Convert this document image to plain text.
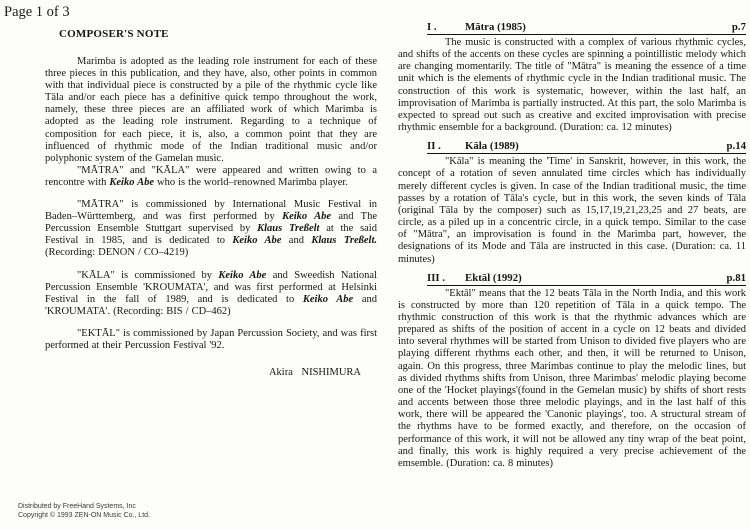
Page 1 of 3
COMPOSER'S NOTE

Marimba is adopted as the leading role instrument for each of these three pieces in this publication, and they have, also, other points in common with that individual piece is constructed by a pile of the rhythmic cycle like Tāla and/or each piece has a definitive quick tempo throughout the work, namely, these three pieces are an affiliated work of which Marimba is adopted as the leading role instrument. Regarding to a technique of composition for each piece, it is, also, a common point that they are influenced of rhythmic mode of the Indian traditional music and/or polyphonic system of the Gamelan music.

"MĀTRA" and "KĀLA" were appeared and written owing to a rencontre with Keiko Abe who is the world–renowned Marimba player.

"MĀTRA" is commissioned by International Music Festival in Baden–Württemberg, and was first performed by Keiko Abe and The Percussion Ensemble Stuttgart supervised by Klaus Treßelt at the said Festival in 1985, and is dedicated to Keiko Abe and Klaus Treßelt. (Recording: DENON / CO–4219)

"KĀLA" is commissioned by Keiko Abe and Sweedish National Percussion Ensemble 'KROUMATA', and was first performed at Helsinki Festival in the fall of 1989, and is dedicated to Keiko Abe and 'KROUMATA'. (Recording: BIS / CD–462)

"EKTĀL" is commissioned by Japan Percussion Society, and was first performed at their Percussion Festival '92.

Akira NISHIMURA
I .	Mātra (1985)	p.7

The music is constructed with a complex of various rhythmic cycles, and shifts of the accents on these cycles are spinning a pointillistic melody which are changing momentarily. The title of "Mātra" is meaning the essence of a time unit which is the elements of rhythmic cycle in the Indian traditional music. The construction of this work is systematic, however, within the last half, an improvisation of Marimba is partially instructed. At this part, the solo Marimba is expected to spread out such as creative and excited improvisation with precise rhythmic ensemble for a background. (Duration: ca. 12 minutes)

II .	Kāla (1989)	p.14

"Kāla" is meaning the 'Time' in Sanskrit, however, in this work, the concept of a rotation of seven annulated time circles which has individually merely different cycles is given. In case of the Indian traditional music, the time passes by a rotation of Tāla's cycle, but in this work, the seven kinds of Tāla (original Tāla by the composer) such as 15,17,19,21,23,25 and 27 beats, are circle, as a piled up in a concentric circle, in a quick tempo. Similar to the case of "Mātra", an improvisation is found in the Marimba part, however, the designations of its Mode and Tāla are instructed in this case. (Duration: ca. 11 minutes)

III .	Ektāl (1992)	p.81

"Ektāl" means that the 12 beats Tāla in the North India, and this work is constructed by more than 120 repetition of Tāla in a quick tempo. The rhythmic construction of this work is that the rhythmic advances which are prepared as shifts of the position of accent in a cycle on 12 beats and divided into several rhythmes will be started from Unison to divided five players who are playing different rhythms each other, and then, it will be returned to Unison, again. On this progress, three Marimbas continue to play the melodic lines, but as divided rhythms shifts from Unison, three Marimbas' melodic playing become one of the 'Hocket playings'(found in the Gemelan music) by shifts of short rests and accents between those three melodic playings, and in the last half of this work, there will be appeared the 'Canonic playings', too. A structural stream of the rhythms have to be formed exactly, and therefore, on the occasion of performance of this work, it will not be allowed any tiny wrap of the beat point, and finally, this work is highly required a very precise achievement of the emsemble. (Duration: ca. 8 minutes)

Distributed by FreeHand Systems, Inc
Copyright © 1993 ZEN-ON Music Co., Ltd.
